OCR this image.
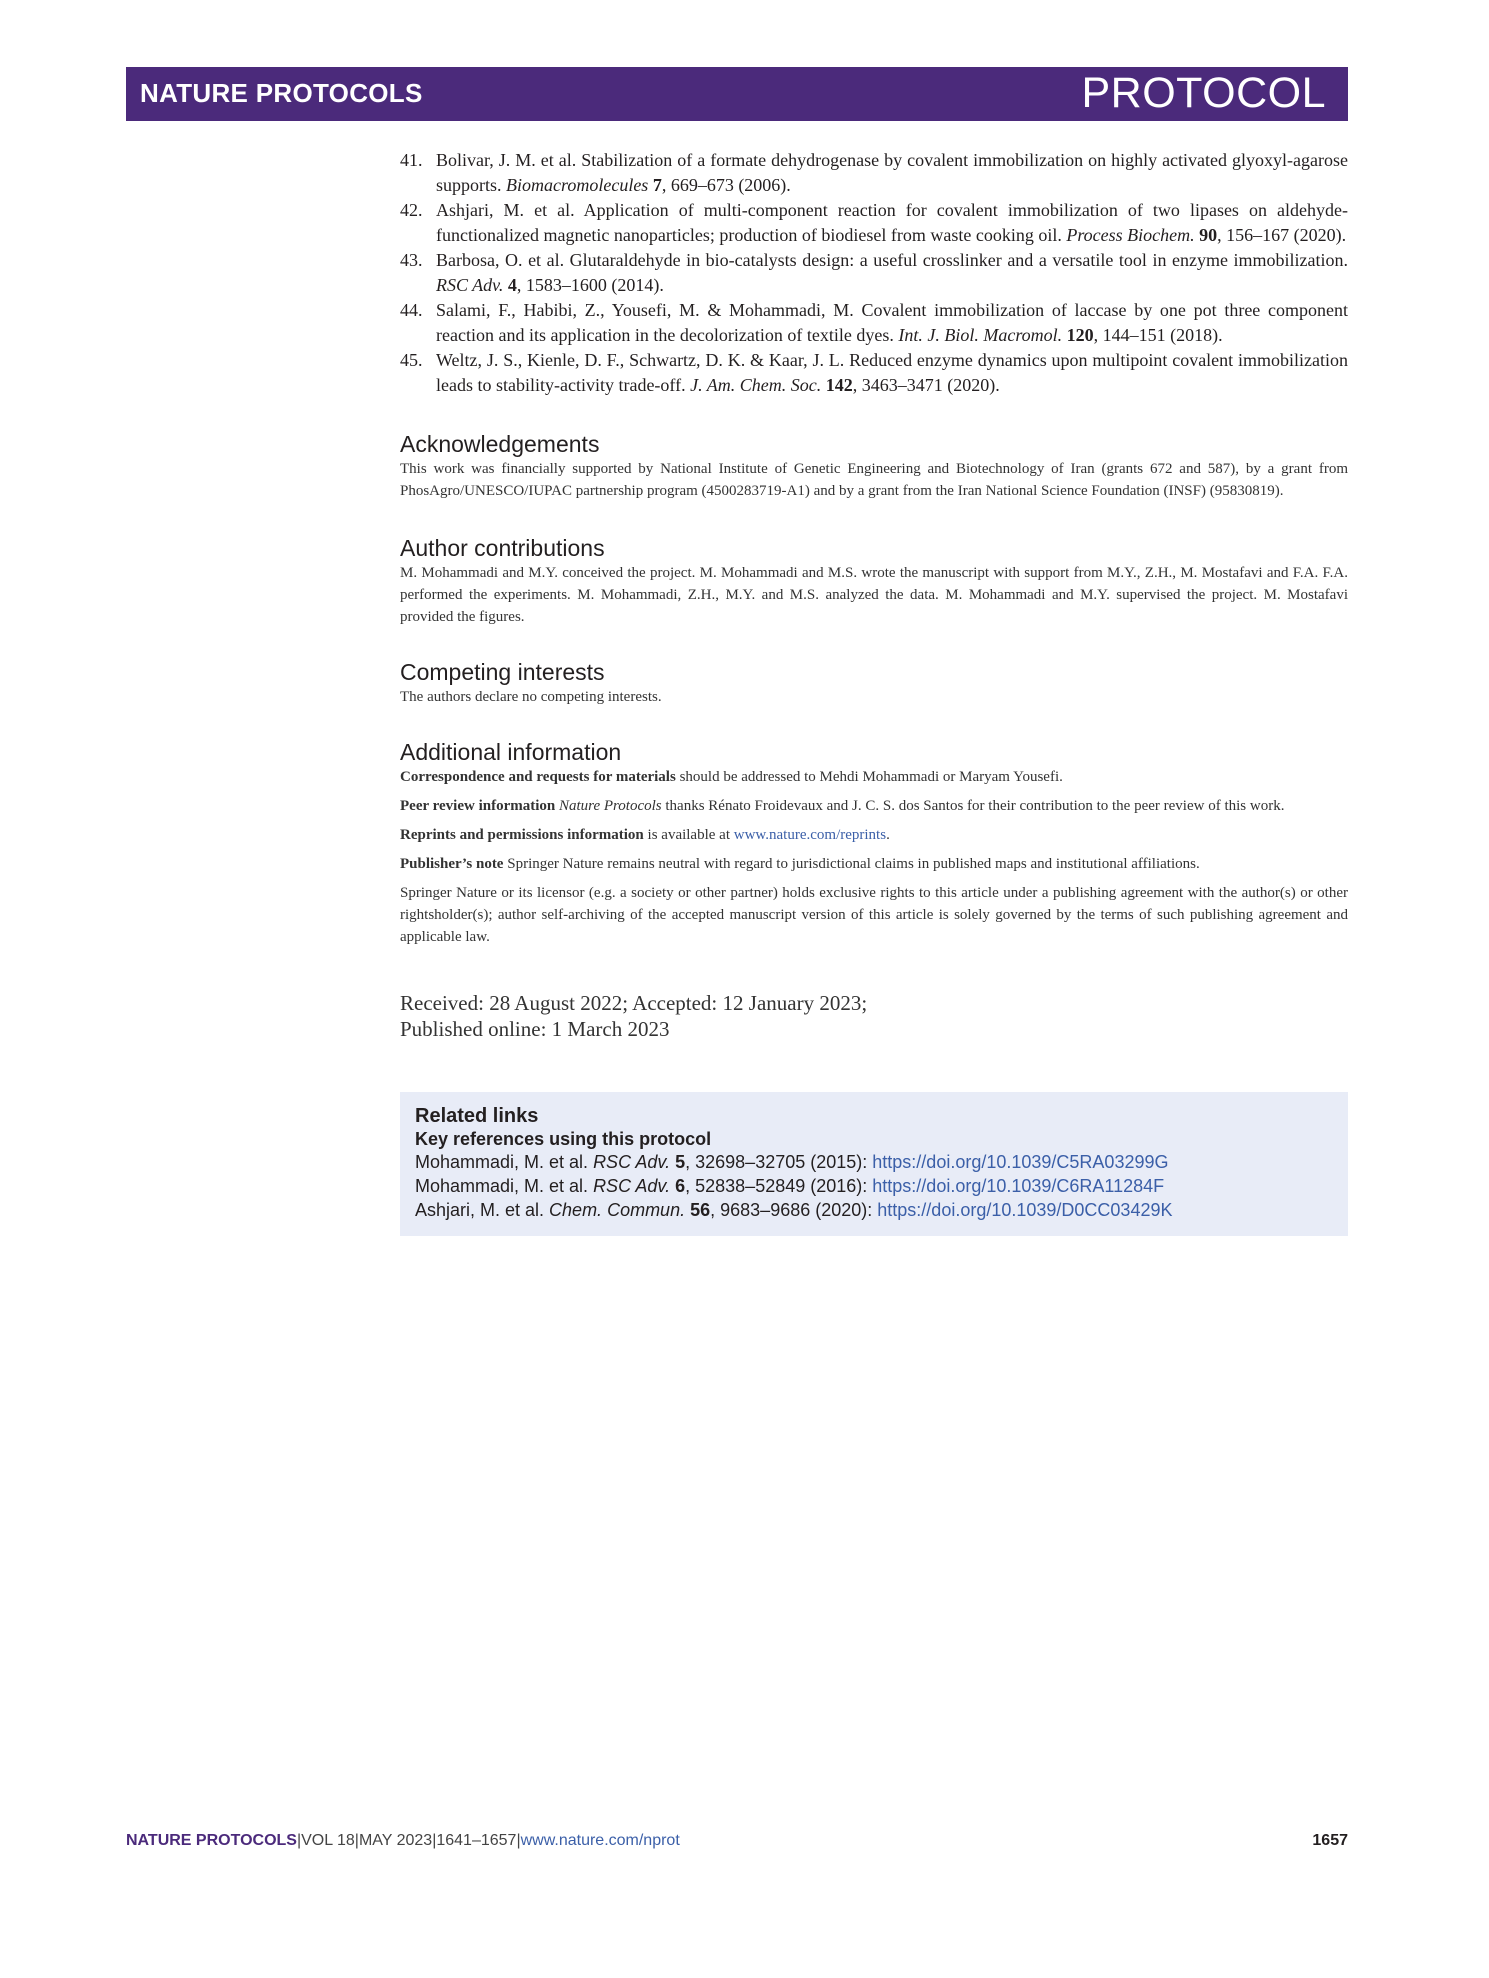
NATURE PROTOCOLS	PROTOCOL
41. Bolivar, J. M. et al. Stabilization of a formate dehydrogenase by covalent immobilization on highly activated glyoxyl-agarose supports. Biomacromolecules 7, 669–673 (2006).
42. Ashjari, M. et al. Application of multi-component reaction for covalent immobilization of two lipases on aldehyde-functionalized magnetic nanoparticles; production of biodiesel from waste cooking oil. Process Biochem. 90, 156–167 (2020).
43. Barbosa, O. et al. Glutaraldehyde in bio-catalysts design: a useful crosslinker and a versatile tool in enzyme immobilization. RSC Adv. 4, 1583–1600 (2014).
44. Salami, F., Habibi, Z., Yousefi, M. & Mohammadi, M. Covalent immobilization of laccase by one pot three component reaction and its application in the decolorization of textile dyes. Int. J. Biol. Macromol. 120, 144–151 (2018).
45. Weltz, J. S., Kienle, D. F., Schwartz, D. K. & Kaar, J. L. Reduced enzyme dynamics upon multipoint covalent immobilization leads to stability-activity trade-off. J. Am. Chem. Soc. 142, 3463–3471 (2020).
Acknowledgements

This work was financially supported by National Institute of Genetic Engineering and Biotechnology of Iran (grants 672 and 587), by a grant from PhosAgro/UNESCO/IUPAC partnership program (4500283719-A1) and by a grant from the Iran National Science Foundation (INSF) (95830819).

Author contributions

M. Mohammadi and M.Y. conceived the project. M. Mohammadi and M.S. wrote the manuscript with support from M.Y., Z.H., M. Mostafavi and F.A. F.A. performed the experiments. M. Mohammadi, Z.H., M.Y. and M.S. analyzed the data. M. Mohammadi and M.Y. supervised the project. M. Mostafavi provided the figures.

Competing interests

The authors declare no competing interests.

Additional information

Correspondence and requests for materials should be addressed to Mehdi Mohammadi or Maryam Yousefi.

Peer review information Nature Protocols thanks Rénato Froidevaux and J. C. S. dos Santos for their contribution to the peer review of this work.

Reprints and permissions information is available at www.nature.com/reprints.

Publisher’s note Springer Nature remains neutral with regard to jurisdictional claims in published maps and institutional affiliations.

Springer Nature or its licensor (e.g. a society or other partner) holds exclusive rights to this article under a publishing agreement with the author(s) or other rightsholder(s); author self-archiving of the accepted manuscript version of this article is solely governed by the terms of such publishing agreement and applicable law.

Received: 28 August 2022; Accepted: 12 January 2023;
Published online: 1 March 2023
Related links
Key references using this protocol
Mohammadi, M. et al. RSC Adv. 5, 32698–32705 (2015): https://doi.org/10.1039/C5RA03299G
Mohammadi, M. et al. RSC Adv. 6, 52838–52849 (2016): https://doi.org/10.1039/C6RA11284F
Ashjari, M. et al. Chem. Commun. 56, 9683–9686 (2020): https://doi.org/10.1039/D0CC03429K
NATURE PROTOCOLS|VOL 18|MAY 2023|1641–1657|www.nature.com/nprot	1657
